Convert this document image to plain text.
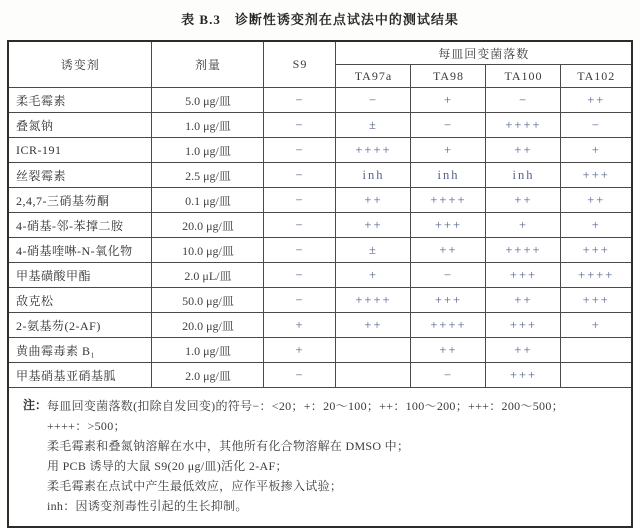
表 B.3 诊断性诱变剂在点试法中的测试结果
诱变剂	剂量	S9	每皿回变菌落数			
			TA97a	TA98	TA100	TA102
柔毛霉素	5.0 μg/皿	−	−	+	−	++
叠氮钠	1.0 μg/皿	−	±	−	++++	−
ICR-191	1.0 μg/皿	−	++++	+	++	+
丝裂霉素	2.5 μg/皿	−	inh	inh	inh	+++
2,4,7-三硝基芴酮	0.1 μg/皿	−	++	++++	++	++
4-硝基-邻-苯撑二胺	20.0 μg/皿	−	++	+++	+	+
4-硝基喹啉-N-氧化物	10.0 μg/皿	−	±	++	++++	+++
甲基磺酸甲酯	2.0 μL/皿	−	+	−	+++	++++
敌克松	50.0 μg/皿	−	++++	+++	++	+++
2-氨基芴(2-AF)	20.0 μg/皿	+	++	++++	+++	+
黄曲霉毒素 B₁	1.0 μg/皿	+		++	++	
甲基硝基亚硝基胍	2.0 μg/皿	−		−	+++	

注： 每皿回变菌落数(扣除自发回变)的符号−：<20；+：20～100；++：100～200；+++：200～500；
++++：>500；
柔毛霉素和叠氮钠溶解在水中，其他所有化合物溶解在 DMSO 中；
用 PCB 诱导的大鼠 S9(20 μg/皿)活化 2-AF；
柔毛霉素在点试中产生最低效应，应作平板掺入试验；
inh：因诱变剂毒性引起的生长抑制。
